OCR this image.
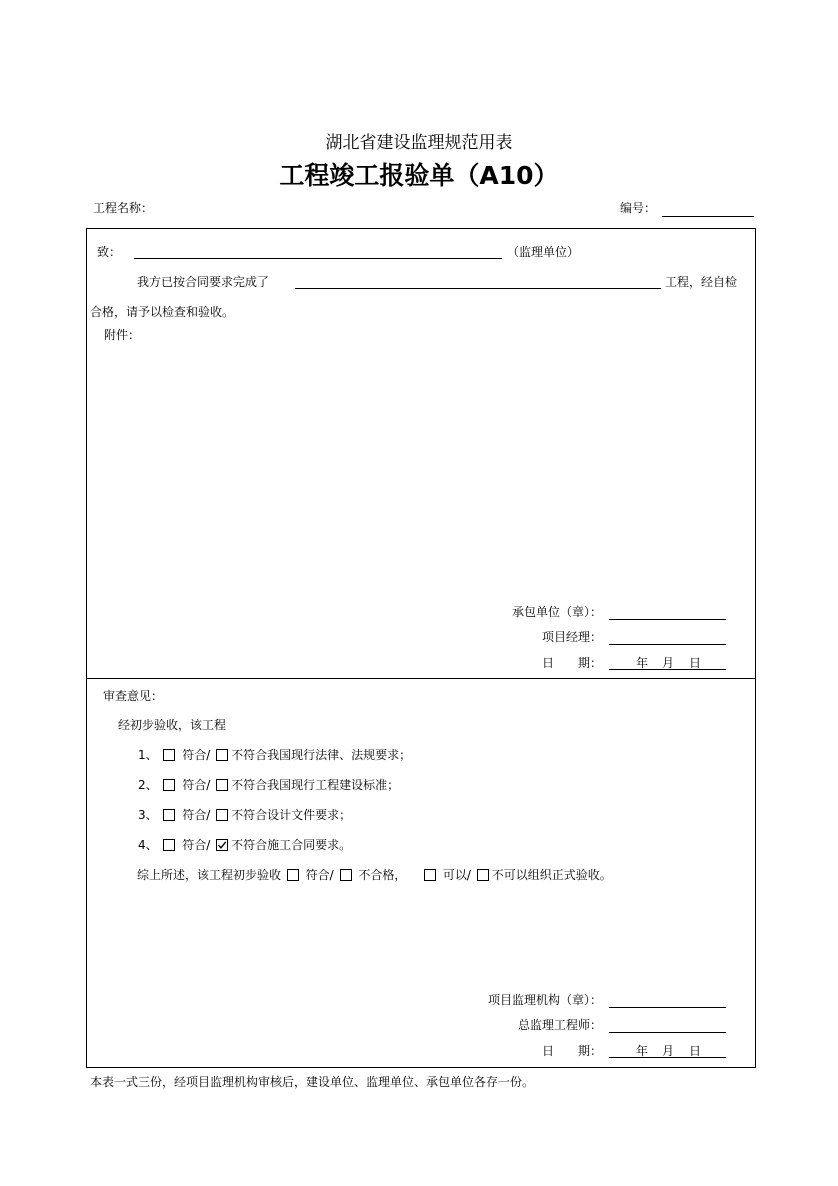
湖北省建设监理规范用表
工程竣工报验单（A10）
工程名称：	编号：
致：	（监理单位）
我方已按合同要求完成了	工程，经自检
合格，请予以检查和验收。
附件：
承包单位（章）：
项目经理：
日　　期：	年 月 日
审查意见：
经初步验收，该工程
1、 符合/ 不符合我国现行法律、法规要求；
2、 符合/ 不符合我国现行工程建设标准；
3、 符合/ 不符合设计文件要求；
4、 符合/ 不符合施工合同要求。
综上所述，该工程初步验收 符合/ 不合格，	可以/ 不可以组织正式验收。
项目监理机构（章）：
总监理工程师：
日　　期：	年 月 日
本表一式三份，经项目监理机构审核后，建设单位、监理单位、承包单位各存一份。
